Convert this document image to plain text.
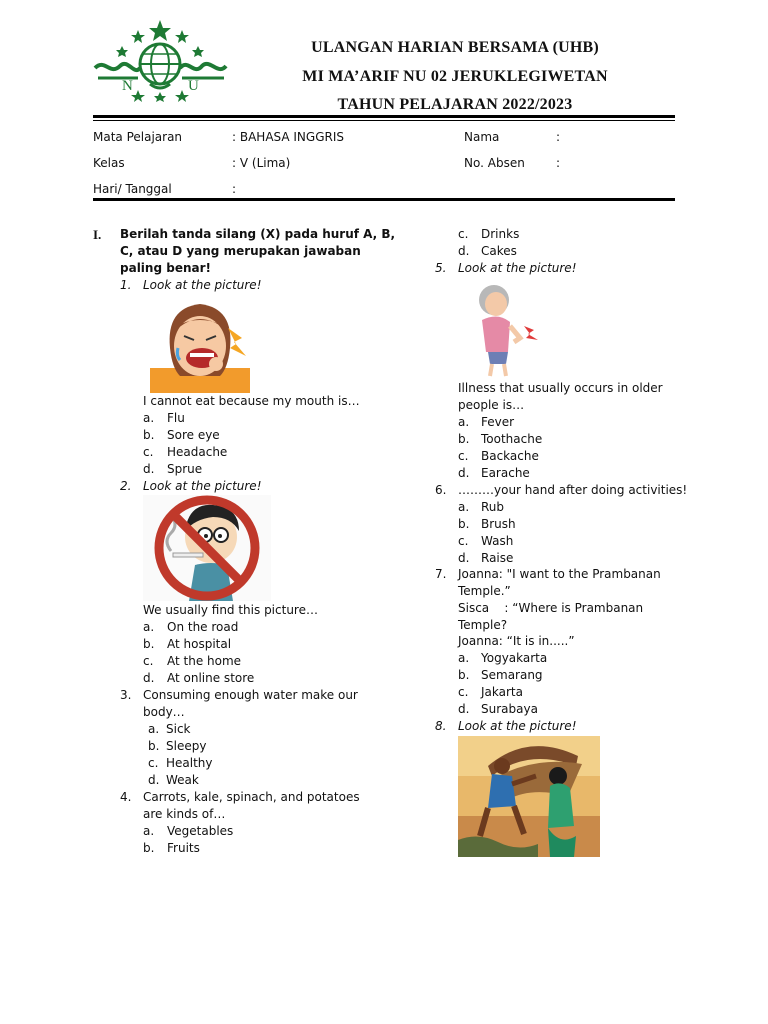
N	U
ULANGAN HARIAN BERSAMA (UHB)
MI MA’ARIF NU 02 JERUKLEGIWETAN
TAHUN PELAJARAN 2022/2023
Mata Pelajaran	: BAHASA INGGRIS	Nama	:
Kelas	: V (Lima)	No. Absen	:
Hari/ Tanggal	:
I. Berilah tanda silang (X) pada huruf A, B,
C, atau D yang merupakan jawaban
paling benar!
1. Look at the picture!
I cannot eat because my mouth is…
a. Flu
b. Sore eye
c. Headache
d. Sprue
2. Look at the picture!
We usually find this picture…
a. On the road
b. At hospital
c. At the home
d. At online store
3. Consuming enough water make our
body…
a. Sick
b. Sleepy
c. Healthy
d. Weak
4. Carrots, kale, spinach, and potatoes
are kinds of…
a. Vegetables
b. Fruits
c. Drinks
d. Cakes
5. Look at the picture!
Illness that usually occurs in older
people is…
a. Fever
b. Toothache
c. Backache
d. Earache
6. ………your hand after doing activities!
a. Rub
b. Brush
c. Wash
d. Raise
7. Joanna: "I want to the Prambanan
Temple.”
Sisca    : “Where is Prambanan
Temple?
Joanna: “It is in.....”
a. Yogyakarta
b. Semarang
c. Jakarta
d. Surabaya
8. Look at the picture!
